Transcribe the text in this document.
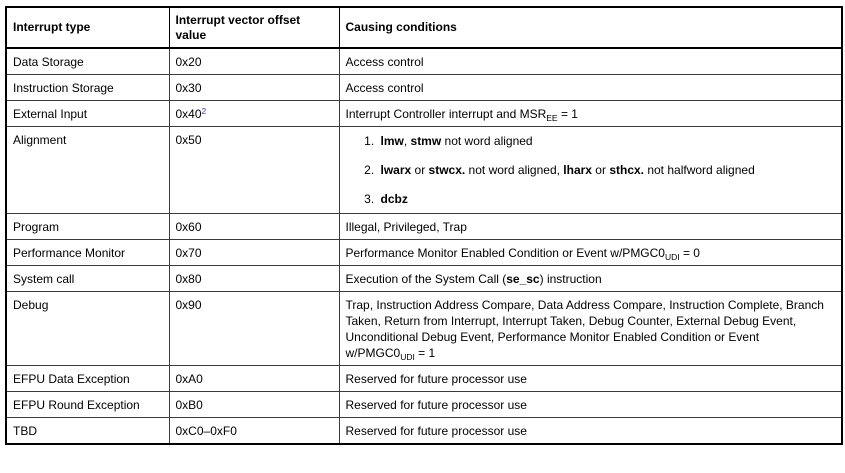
Interrupt type	Interrupt vector offset value	Causing conditions
Data Storage	0x20	Access control
Instruction Storage	0x30	Access control
External Input	0x40$^2$	Interrupt Controller interrupt and $MSR_{EE} = 1$
Alignment	0x50	
1.lmw, stmw not word aligned
2. lwarx or stwcx. not word aligned, lharx or sthcx. not halfword aligned
3. dcbz

Program	0x60	Illegal, Privileged, Trap
Performance Monitor	0x70	Performance Monitor Enabled Condition or Event $w/PMGC0_{UDI} = 0$
System call	0x80	Execution of the System Call (se_sc) instruction
Debug	0x90	Trap, Instruction Address Compare, Data Address Compare, Instruction Complete, Branch Taken, Return from Interrupt, Interrupt Taken, Debug Counter, External Debug Event, Unconditional Debug Event, Performance Monitor Enabled Condition or Event $w/PMGC0_{UDI} = 1$
EFPU Data Exception	0xA0	Reserved for future processor use
EFPU Round Exception	0xB0	Reserved for future processor use
TBD	0xC0–0xF0	Reserved for future processor use
